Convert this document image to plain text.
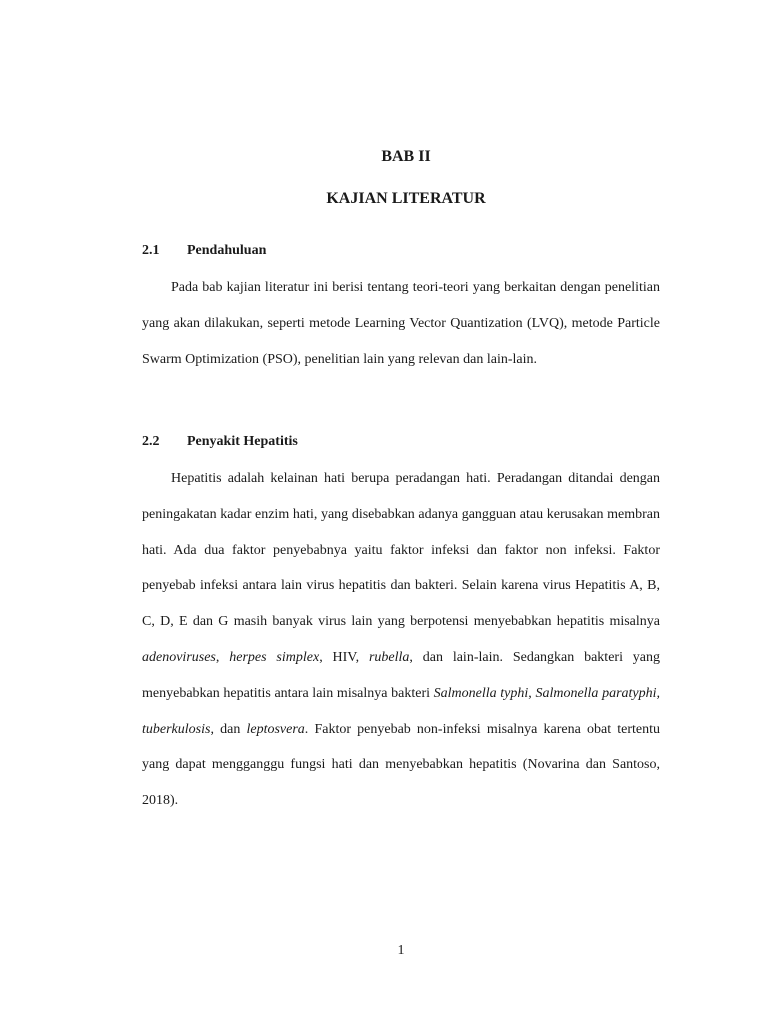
BAB II
KAJIAN LITERATUR
2.1 Pendahuluan

Pada bab kajian literatur ini berisi tentang teori-teori yang berkaitan dengan penelitian yang akan dilakukan, seperti metode Learning Vector Quantization (LVQ), metode Particle Swarm Optimization (PSO), penelitian lain yang relevan dan lain-lain.

2.2 Penyakit Hepatitis

Hepatitis adalah kelainan hati berupa peradangan hati. Peradangan ditandai dengan peningakatan kadar enzim hati, yang disebabkan adanya gangguan atau kerusakan membran hati. Ada dua faktor penyebabnya yaitu faktor infeksi dan faktor non infeksi. Faktor penyebab infeksi antara lain virus hepatitis dan bakteri. Selain karena virus Hepatitis A, B, C, D, E dan G masih banyak virus lain yang berpotensi menyebabkan hepatitis misalnya adenoviruses, herpes simplex, HIV, rubella, dan lain-lain. Sedangkan bakteri yang menyebabkan hepatitis antara lain misalnya bakteri Salmonella typhi, Salmonella paratyphi, tuberkulosis, dan leptosvera. Faktor penyebab non-infeksi misalnya karena obat tertentu yang dapat mengganggu fungsi hati dan menyebabkan hepatitis (Novarina dan Santoso, 2018).

1
